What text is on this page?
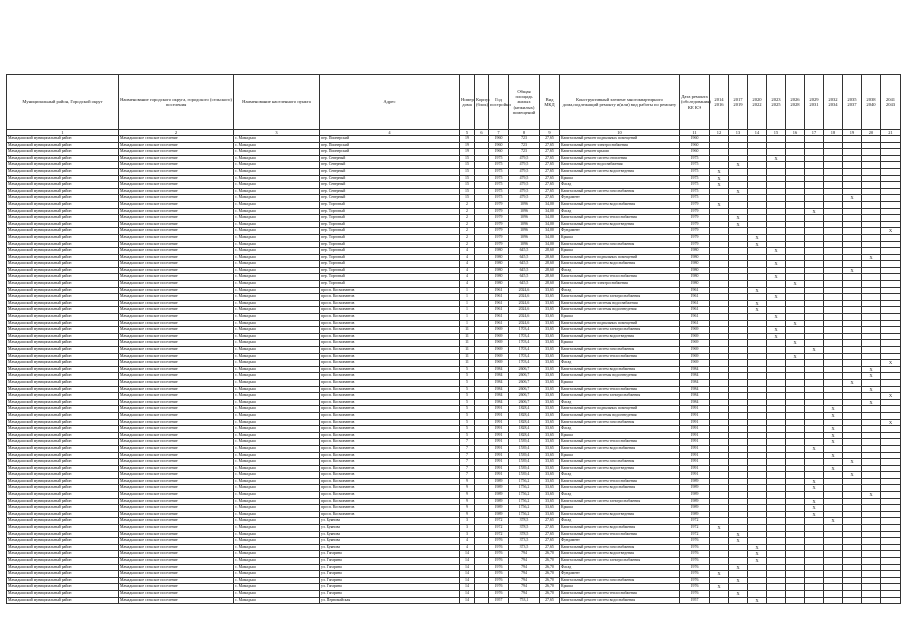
Муниципальный район, Городской округ	Наименование городского округа, городского (сельского) поселения	Наименование населенного пункта	Адрес	Номер дома	Корпус (блок)	Год постройки	Общая площадь жилых (нежилых) помещений	Вид МКД	Конструктивный элемент многоквартирного дома,подлежащий ремонту и(или) вид работы по ремонту	Дата ремонта (обследования) КЕ КЭ	2014 2016	2017 2019	2020 2022	2023 2025	2026 2028	2029 2031	2032 2034	2035 2037	2038 2040	2041 2043
1	2	3	4	5	6	7	8	9	10	11	12	13	14	15	16	17	18	19	20	21
Мамадышский муниципальный район	Мамадышское сельское поселение	с. Мамадыш	пер. Пионерский	19		1960	723	27,65	Капитальный ремонт подвальных помещений	1960										
Мамадышский муниципальный район	Мамадышское сельское поселение	с. Мамадыш	пер. Пионерский	19		1960	723	27,65	Капитальный ремонт электроснабжения	1960										
Мамадышский муниципальный район	Мамадышское сельское поселение	с. Мамадыш	пер. Пионерский	19		1960	723	27,65	Капитальный ремонт крыши	1960										
Мамадышский муниципальный район	Мамадышское сельское поселение	с. Мамадыш	пер. Северный	15		1975	479,5	27,65	Капитальный ремонт систем отопления	1975				X						
Мамадышский муниципальный район	Мамадышское сельское поселение	с. Мамадыш	пер. Северный	15		1975	479,5	27,65	Капитальный ремонт водоснабжения	1975		X								
Мамадышский муниципальный район	Мамадышское сельское поселение	с. Мамадыш	пер. Северный	15		1975	479,5	27,65	Капитальный ремонт систем водоотведения	1975	X									
Мамадышский муниципальный район	Мамадышское сельское поселение	с. Мамадыш	пер. Северный	15		1975	479,5	27,65	Крыша	1975	X									
Мамадышский муниципальный район	Мамадышское сельское поселение	с. Мамадыш	пер. Северный	15		1975	479,5	27,65	Фасад	1975	X									
Мамадышский муниципальный район	Мамадышское сельское поселение	с. Мамадыш	пер. Северный	15		1975	479,5	27,65	Капитальный ремонт систем газоснабжения	1975		X								
Мамадышский муниципальный район	Мамадышское сельское поселение	с. Мамадыш	пер. Северный	15		1975	479,5	27,65	Фундамент	1975								X		
Мамадышский муниципальный район	Мамадышское сельское поселение	с. Мамадыш	пер. Торговый	2		1979	1096	34,00	Капитальный ремонт систем водоснабжения	1979	X									
Мамадышский муниципальный район	Мамадышское сельское поселение	с. Мамадыш	пер. Торговый	2		1979	1096	34,00	Фасад	1979						X				
Мамадышский муниципальный район	Мамадышское сельское поселение	с. Мамадыш	пер. Торговый	2		1979	1096	34,00	Капитальный ремонт систем теплоснабжения	1979		X								
Мамадышский муниципальный район	Мамадышское сельское поселение	с. Мамадыш	пер. Торговый	2		1979	1096	34,00	Капитальный ремонт систем водоотведения	1979		X								
Мамадышский муниципальный район	Мамадышское сельское поселение	с. Мамадыш	пер. Торговый	2		1979	1096	34,00	Фундамент	1979										X
Мамадышский муниципальный район	Мамадышское сельское поселение	с. Мамадыш	пер. Торговый	2		1979	1096	34,00	Крыша	1979			X							
Мамадышский муниципальный район	Мамадышское сельское поселение	с. Мамадыш	пер. Торговый	2		1979	1096	34,00	Капитальный ремонт систем газоснабжения	1979			X							
Мамадышский муниципальный район	Мамадышское сельское поселение	с. Мамадыш	пер. Торговый	4		1980	645,5	28,60	Крыша	1980				X						
Мамадышский муниципальный район	Мамадышское сельское поселение	с. Мамадыш	пер. Торговый	4		1980	645,5	28,60	Капитальный ремонт подвальных помещений	1980									X	
Мамадышский муниципальный район	Мамадышское сельское поселение	с. Мамадыш	пер. Торговый	4		1980	645,5	28,60	Капитальный ремонт систем водоснабжения	1980				X						
Мамадышский муниципальный район	Мамадышское сельское поселение	с. Мамадыш	пер. Торговый	4		1980	645,5	28,60	Фасад	1980								X		
Мамадышский муниципальный район	Мамадышское сельское поселение	с. Мамадыш	пер. Торговый	4		1980	645,5	28,60	Капитальный ремонт систем теплоснабжения	1980				X						
Мамадышский муниципальный район	Мамадышское сельское поселение	с. Мамадыш	пер. Торговый	4		1980	645,5	28,60	Капитальный ремонт электроснабжения	1980					X					
Мамадышский муниципальный район	Мамадышское сельское поселение	с. Мамадыш	просп. Космонавтов	1		1961	2024,6	33,65	Фасад	1961			X							
Мамадышский муниципальный район	Мамадышское сельское поселение	с. Мамадыш	просп. Космонавтов	1		1961	2024,6	33,65	Капитальный ремонт систем электроснабжения	1961				X						
Мамадышский муниципальный район	Мамадышское сельское поселение	с. Мамадыш	просп. Космонавтов	1		1961	2024,6	33,65	Капитальный ремонт системы водоснабжения	1961			X							
Мамадышский муниципальный район	Мамадышское сельское поселение	с. Мамадыш	просп. Космонавтов	1		1961	2024,6	33,65	Капитальный ремонт системы водоотведения	1961			X							
Мамадышский муниципальный район	Мамадышское сельское поселение	с. Мамадыш	просп. Космонавтов	1		1961	2024,6	33,65	Крыша	1961				X						
Мамадышский муниципальный район	Мамадышское сельское поселение	с. Мамадыш	просп. Космонавтов	1		1961	2024,6	33,65	Капитальный ремонт подвальных помещений	1961					X					
Мамадышский муниципальный район	Мамадышское сельское поселение	с. Мамадыш	просп. Космонавтов	11		1969	1703,4	33,65	Капитальный ремонт систем электроснабжения	1969				X						
Мамадышский муниципальный район	Мамадышское сельское поселение	с. Мамадыш	просп. Космонавтов	11		1969	1703,4	33,65	Капитальный ремонт систем водоотведения	1969				X						
Мамадышский муниципальный район	Мамадышское сельское поселение	с. Мамадыш	просп. Космонавтов	11		1969	1703,4	33,65	Крыша	1969					X					
Мамадышский муниципальный район	Мамадышское сельское поселение	с. Мамадыш	просп. Космонавтов	11		1969	1703,4	33,65	Капитальный ремонт систем газоснабжения	1969						X				
Мамадышский муниципальный район	Мамадышское сельское поселение	с. Мамадыш	просп. Космонавтов	11		1969	1703,4	33,65	Капитальный ремонт систем теплоснабжения	1969					X					
Мамадышский муниципальный район	Мамадышское сельское поселение	с. Мамадыш	просп. Космонавтов	11		1969	1703,4	33,65	Фасад	1969										X
Мамадышский муниципальный район	Мамадышское сельское поселение	с. Мамадыш	просп. Космонавтов	5		1984	2606,7	33,65	Капитальный ремонт систем водоснабжения	1984									X	
Мамадышский муниципальный район	Мамадышское сельское поселение	с. Мамадыш	просп. Космонавтов	5		1984	2606,7	33,65	Капитальный ремонт системы водоотведения	1984									X	
Мамадышский муниципальный район	Мамадышское сельское поселение	с. Мамадыш	просп. Космонавтов	5		1984	2606,7	33,65	Крыша	1984								X		
Мамадышский муниципальный район	Мамадышское сельское поселение	с. Мамадыш	просп. Космонавтов	5		1984	2606,7	33,65	Капитальный ремонт систем теплоснабжения	1984									X	
Мамадышский муниципальный район	Мамадышское сельское поселение	с. Мамадыш	просп. Космонавтов	5		1984	2606,7	33,65	Капитальный ремонт систем электроснабжения	1984										X
Мамадышский муниципальный район	Мамадышское сельское поселение	с. Мамадыш	просп. Космонавтов	5		1984	2606,7	33,65	Фасад	1984									X	
Мамадышский муниципальный район	Мамадышское сельское поселение	с. Мамадыш	просп. Космонавтов	5		1991	1828,4	33,65	Капитальный ремонт подвальных помещений	1991							X			
Мамадышский муниципальный район	Мамадышское сельское поселение	с. Мамадыш	просп. Космонавтов	5		1991	1828,4	33,65	Капитальный ремонт системы водоотведения	1991							X			
Мамадышский муниципальный район	Мамадышское сельское поселение	с. Мамадыш	просп. Космонавтов	5		1991	1828,4	33,65	Капитальный ремонт систем газоснабжения	1991										X
Мамадышский муниципальный район	Мамадышское сельское поселение	с. Мамадыш	просп. Космонавтов	5		1991	1828,4	33,65	Фасад	1991							X			
Мамадышский муниципальный район	Мамадышское сельское поселение	с. Мамадыш	просп. Космонавтов	5		1991	1828,4	33,65	Крыша	1991							X			
Мамадышский муниципальный район	Мамадышское сельское поселение	с. Мамадыш	просп. Космонавтов	7		1991	1539,4	33,65	Капитальный ремонт систем теплоснабжения	1991							X			
Мамадышский муниципальный район	Мамадышское сельское поселение	с. Мамадыш	просп. Космонавтов	7		1991	1539,4	33,65	Капитальный ремонт систем водоснабжения	1991						X				
Мамадышский муниципальный район	Мамадышское сельское поселение	с. Мамадыш	просп. Космонавтов	7		1991	1539,4	33,65	Крыша	1991							X			
Мамадышский муниципальный район	Мамадышское сельское поселение	с. Мамадыш	просп. Космонавтов	7		1991	1539,4	33,65	Капитальный ремонт систем газоснабжения	1991								X		
Мамадышский муниципальный район	Мамадышское сельское поселение	с. Мамадыш	просп. Космонавтов	7		1991	1539,4	33,65	Капитальный ремонт систем водоотведения	1991							X			
Мамадышский муниципальный район	Мамадышское сельское поселение	с. Мамадыш	просп. Космонавтов	7		1991	1539,4	33,65	Фасад	1991								X		
Мамадышский муниципальный район	Мамадышское сельское поселение	с. Мамадыш	просп. Космонавтов	9		1989	1756,2	33,65	Капитальный ремонт систем теплоснабжения	1989						X				
Мамадышский муниципальный район	Мамадышское сельское поселение	с. Мамадыш	просп. Космонавтов	9		1989	1756,2	33,65	Капитальный ремонт систем водоснабжения	1989						X				
Мамадышский муниципальный район	Мамадышское сельское поселение	с. Мамадыш	просп. Космонавтов	9		1989	1756,2	33,65	Фасад	1989									X	
Мамадышский муниципальный район	Мамадышское сельское поселение	с. Мамадыш	просп. Космонавтов	9		1989	1756,2	33,65	Капитальный ремонт систем электроснабжения	1989						X				
Мамадышский муниципальный район	Мамадышское сельское поселение	с. Мамадыш	просп. Космонавтов	9		1989	1756,2	33,65	Крыша	1989						X				
Мамадышский муниципальный район	Мамадышское сельское поселение	с. Мамадыш	просп. Космонавтов	9		1989	1756,2	33,65	Капитальный ремонт систем водоотведения	1989						X				
Мамадышский муниципальный район	Мамадышское сельское поселение	с. Мамадыш	ул. Буянова	3		1972	378,5	27,65	Фасад	1972							X			
Мамадышский муниципальный район	Мамадышское сельское поселение	с. Мамадыш	ул. Буянова	3		1972	378,5	27,65	Капитальный ремонт систем водоснабжения	1972	X									
Мамадышский муниципальный район	Мамадышское сельское поселение	с. Мамадыш	ул. Буянова	3		1972	378,5	27,65	Капитальный ремонт систем теплоснабжения	1972		X								
Мамадышский муниципальный район	Мамадышское сельское поселение	с. Мамадыш	ул. Буянова	4		1976	373,5	27,65	Фундамент	1976		X								
Мамадышский муниципальный район	Мамадышское сельское поселение	с. Мамадыш	ул. Буянова	4		1976	373,5	27,65	Капитальный ремонт систем газоснабжения	1976			X							
Мамадышский муниципальный район	Мамадышское сельское поселение	с. Мамадыш	ул. Гагарина	14		1976	794	26,70	Капитальный ремонт систем водоотведения	1976			X							
Мамадышский муниципальный район	Мамадышское сельское поселение	с. Мамадыш	ул. Гагарина	14		1976	794	26,70	Капитальный ремонт систем электроснабжения	1976			X							
Мамадышский муниципальный район	Мамадышское сельское поселение	с. Мамадыш	ул. Гагарина	14		1976	794	26,70	Фасад	1976		X								
Мамадышский муниципальный район	Мамадышское сельское поселение	с. Мамадыш	ул. Гагарина	14		1976	794	26,70	Фундамент	1976	X									
Мамадышский муниципальный район	Мамадышское сельское поселение	с. Мамадыш	ул. Гагарина	14		1976	794	26,70	Капитальный ремонт систем газоснабжения	1976		X								
Мамадышский муниципальный район	Мамадышское сельское поселение	с. Мамадыш	ул. Гагарина	14		1976	794	26,70	Крыша	1976	X									
Мамадышский муниципальный район	Мамадышское сельское поселение	с. Мамадыш	ул. Гагарина	14		1976	794	26,70	Капитальный ремонт систем теплоснабжения	1976		X								
Мамадышский муниципальный район	Мамадышское сельское поселение	с. Мамадыш	ул. Первомайская	14		1957	753,1	27,65	Капитальный ремонт систем водоснабжения	1957			X							
